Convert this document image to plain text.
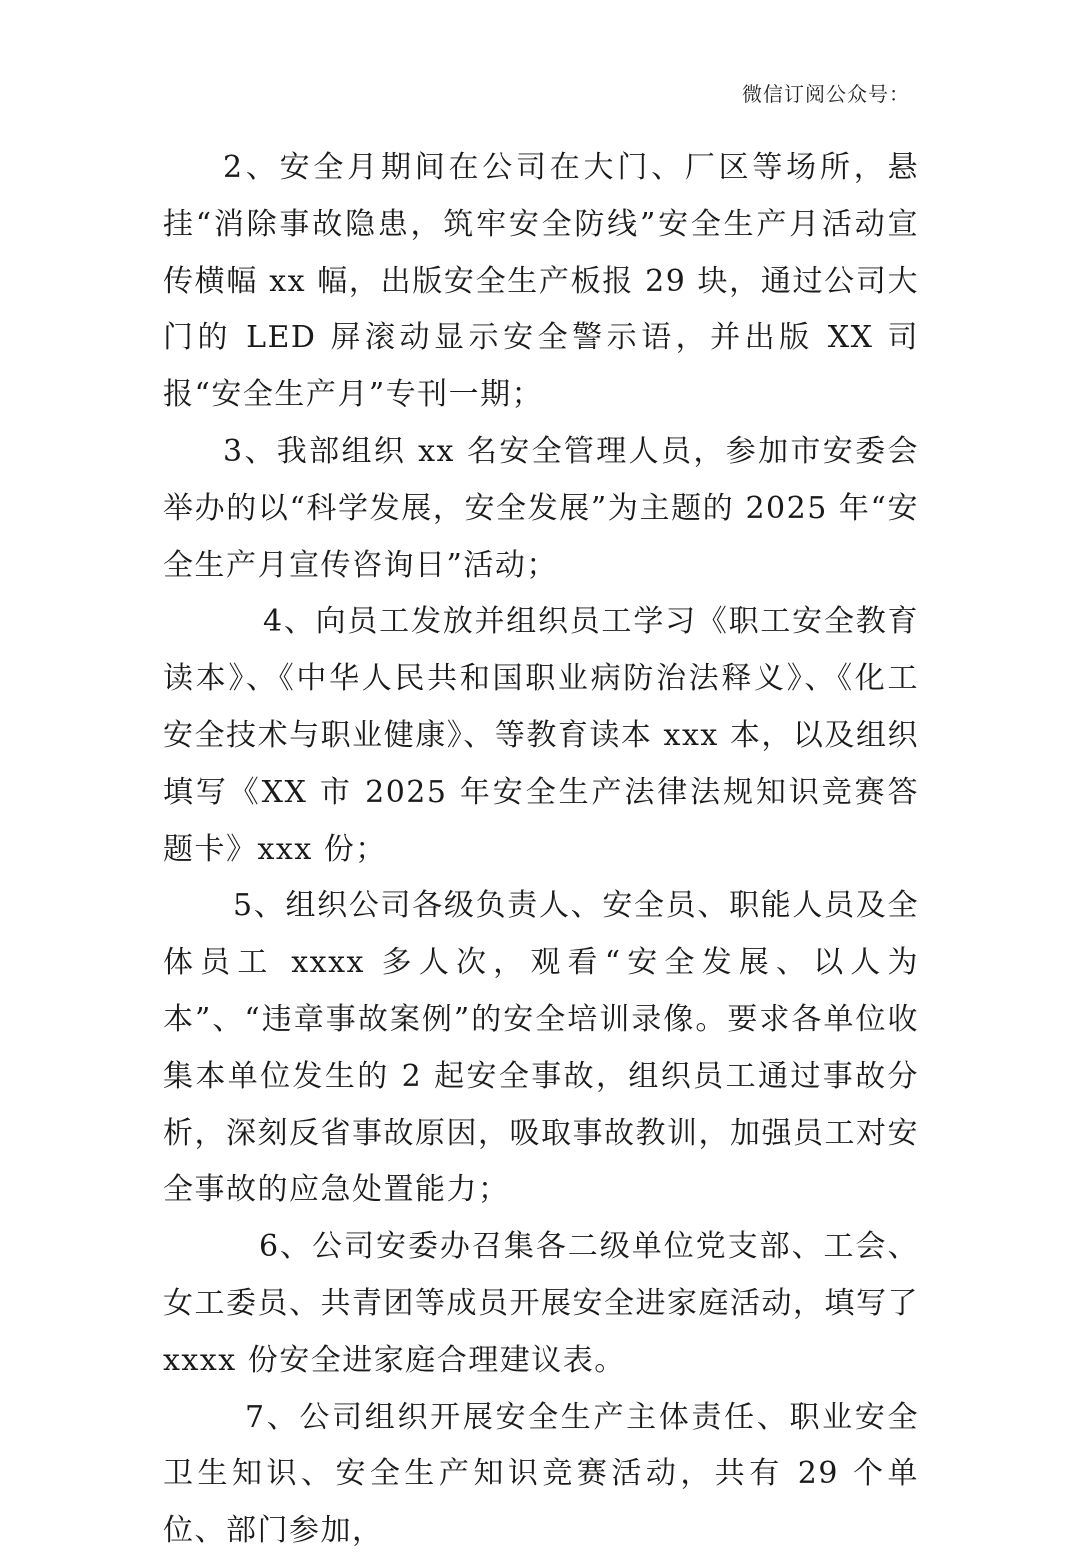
微信订阅公众号：

2、安全月期间在公司在大门、厂区等场所，悬挂“消除事故隐患，筑牢安全防线”安全生产月活动宣传横幅 xx 幅，出版安全生产板报 29 块，通过公司大门的 LED 屏滚动显示安全警示语，并出版 XX 司报“安全生产月”专刊一期；

3、我部组织 xx 名安全管理人员，参加市安委会举办的以“科学发展，安全发展”为主题的 2025 年“安全生产月宣传咨询日”活动；

4、向员工发放并组织员工学习《职工安全教育读本》、《中华人民共和国职业病防治法释义》、《化工安全技术与职业健康》、等教育读本 xxx 本，以及组织填写《XX 市 2025 年安全生产法律法规知识竞赛答题卡》xxx 份；

5、组织公司各级负责人、安全员、职能人员及全体员工 xxxx 多人次，观看“安全发展、以人为本”、“违章事故案例”的安全培训录像。要求各单位收集本单位发生的 2 起安全事故，组织员工通过事故分析，深刻反省事故原因，吸取事故教训，加强员工对安全事故的应急处置能力；

6、公司安委办召集各二级单位党支部、工会、女工委员、共青团等成员开展安全进家庭活动，填写了 xxxx 份安全进家庭合理建议表。

7、公司组织开展安全生产主体责任、职业安全卫生知识、安全生产知识竞赛活动，共有 29 个单位、部门参加，
